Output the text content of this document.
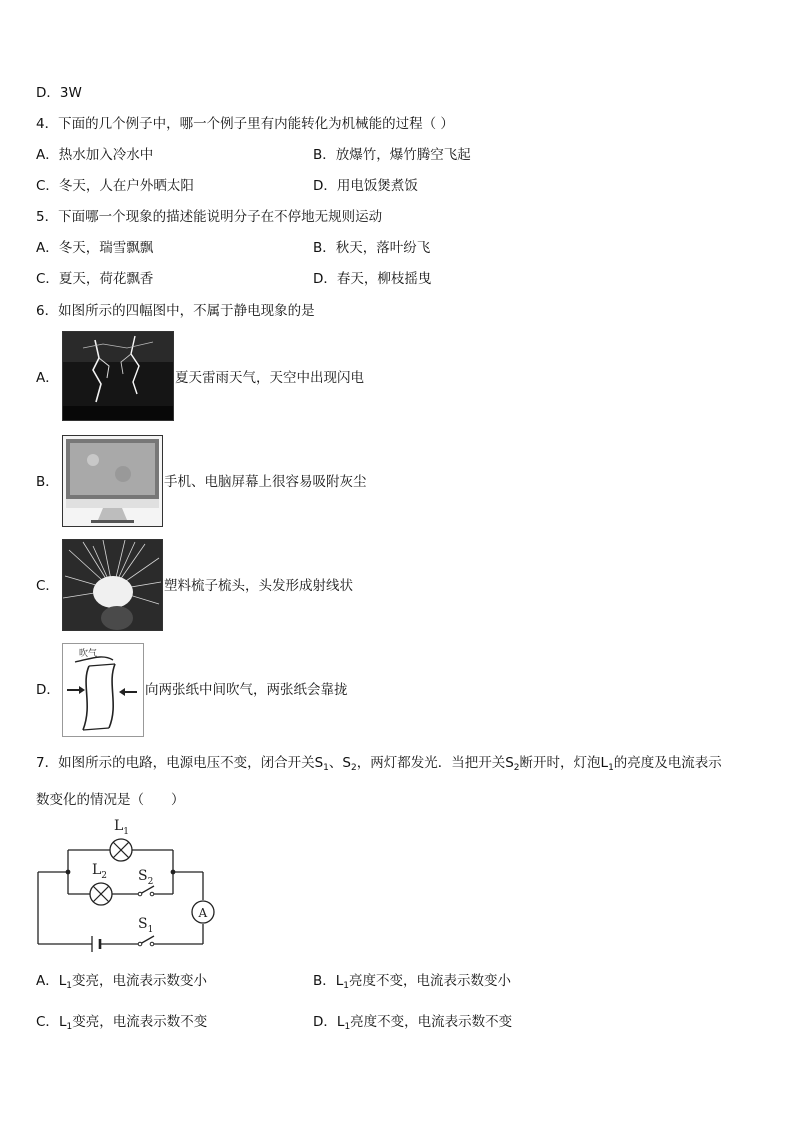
D．3W
4．下面的几个例子中，哪一个例子里有内能转化为机械能的过程（ ）
A．热水加入冷水中	B．放爆竹，爆竹腾空飞起
C．冬天，人在户外晒太阳	D．用电饭煲煮饭
5．下面哪一个现象的描述能说明分子在不停地无规则运动
A．冬天，瑞雪飘飘	B．秋天，落叶纷飞
C．夏天，荷花飘香	D．春天，柳枝摇曳
6．如图所示的四幅图中，不属于静电现象的是
A．	夏天雷雨天气，天空中出现闪电
B．	手机、电脑屏幕上很容易吸附灰尘
C．	塑料梳子梳头，头发形成射线状
D．
吹气
向两张纸中间吹气，两张纸会靠拢
7．如图所示的电路，电源电压不变，闭合开关$S_1$、$S_2$，两灯都发光．当把开关$S_2$断开时，灯泡$L_1$的亮度及电流表示
数变化的情况是（　　）
A
$L_1$
$L_2$ $S_2$
$S_1$
A．$L_1$变亮，电流表示数变小	B．$L_1$亮度不变，电流表示数变小
C．$L_1$变亮，电流表示数不变	D．$L_1$亮度不变，电流表示数不变
